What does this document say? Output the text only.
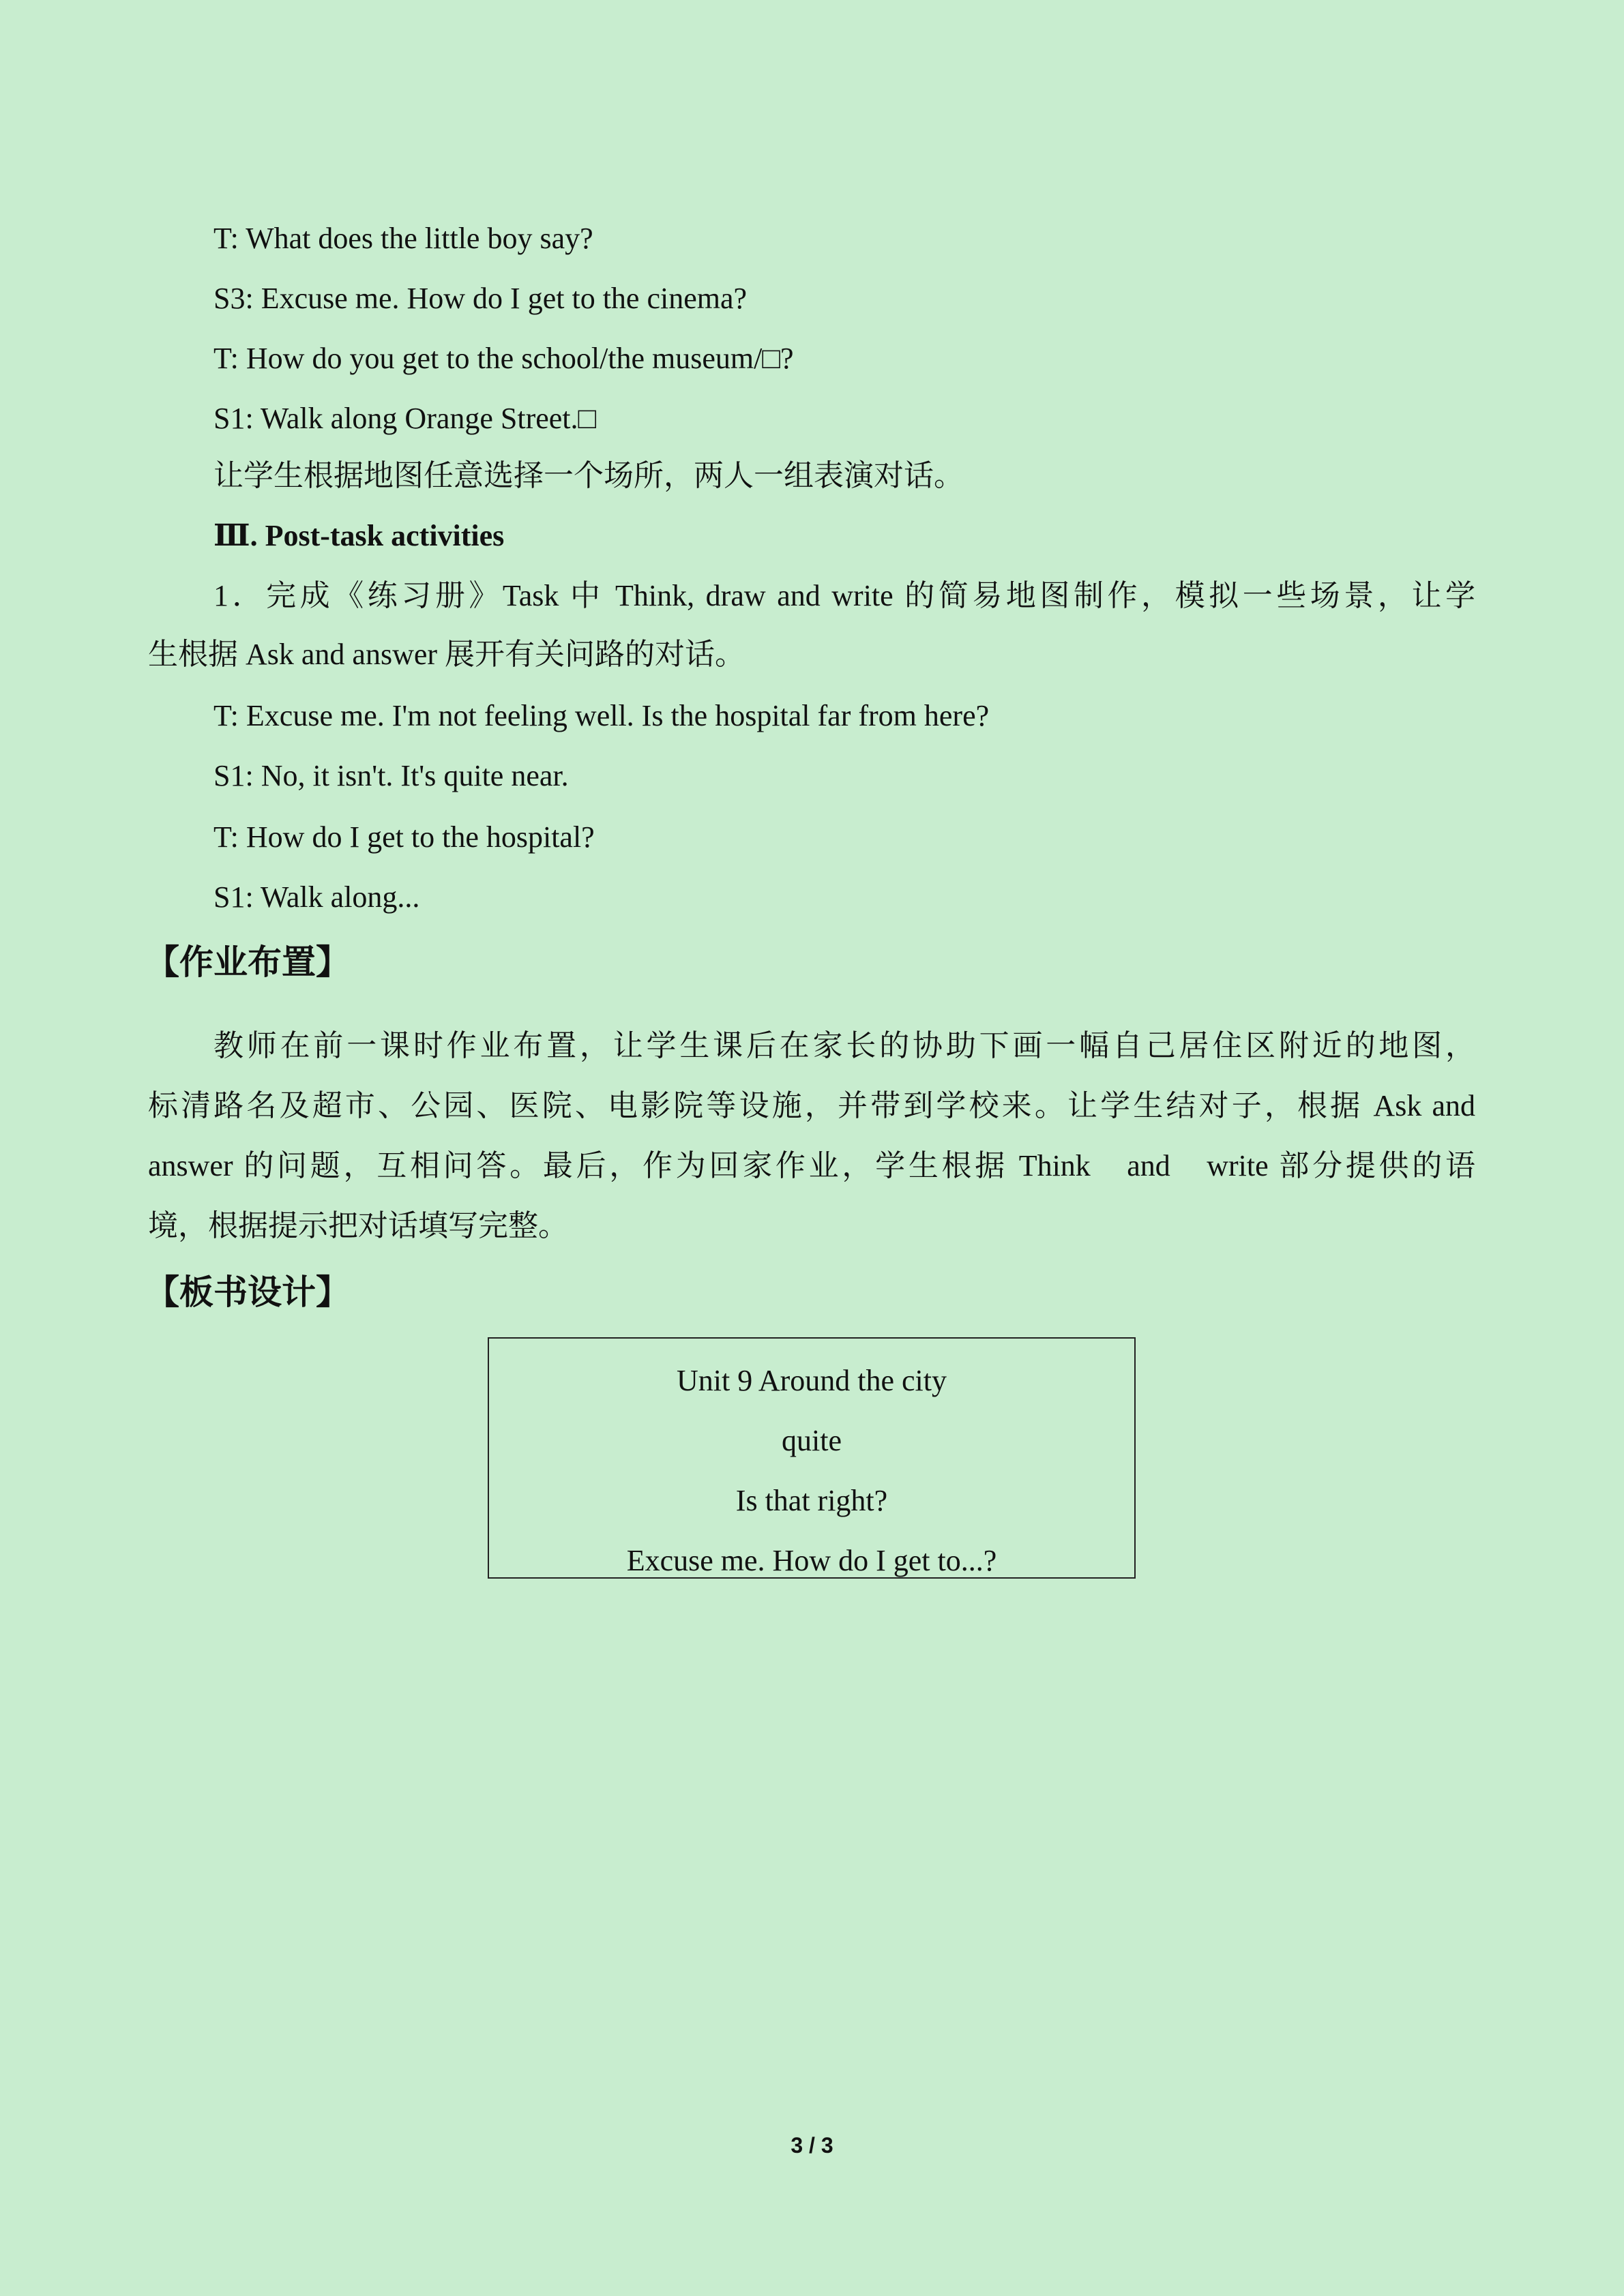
T: What does the little boy say?
S3: Excuse me. How do I get to the cinema?
T: How do you get to the school/the museum/□?
S1: Walk along Orange Street.□
让学生根据地图任意选择一个场所，两人一组表演对话。
Ⅲ. Post-task activities
1．完成《练习册》Task 中 Think, draw and write 的简易地图制作，模拟一些场景，让学
生根据 Ask and answer 展开有关问路的对话。
T: Excuse me. I'm not feeling well. Is the hospital far from here?
S1: No, it isn't. It's quite near.
T: How do I get to the hospital?
S1: Walk along...
【作业布置】
教师在前一课时作业布置，让学生课后在家长的协助下画一幅自己居住区附近的地图，
标清路名及超市、公园、医院、电影院等设施，并带到学校来。让学生结对子，根据 Ask and
answer 的问题，互相问答。最后，作为回家作业，学生根据 Think　and　write 部分提供的语
境，根据提示把对话填写完整。
【板书设计】
Unit 9 Around the city
quite
Is that right?
Excuse me. How do I get to...?
3 / 3
